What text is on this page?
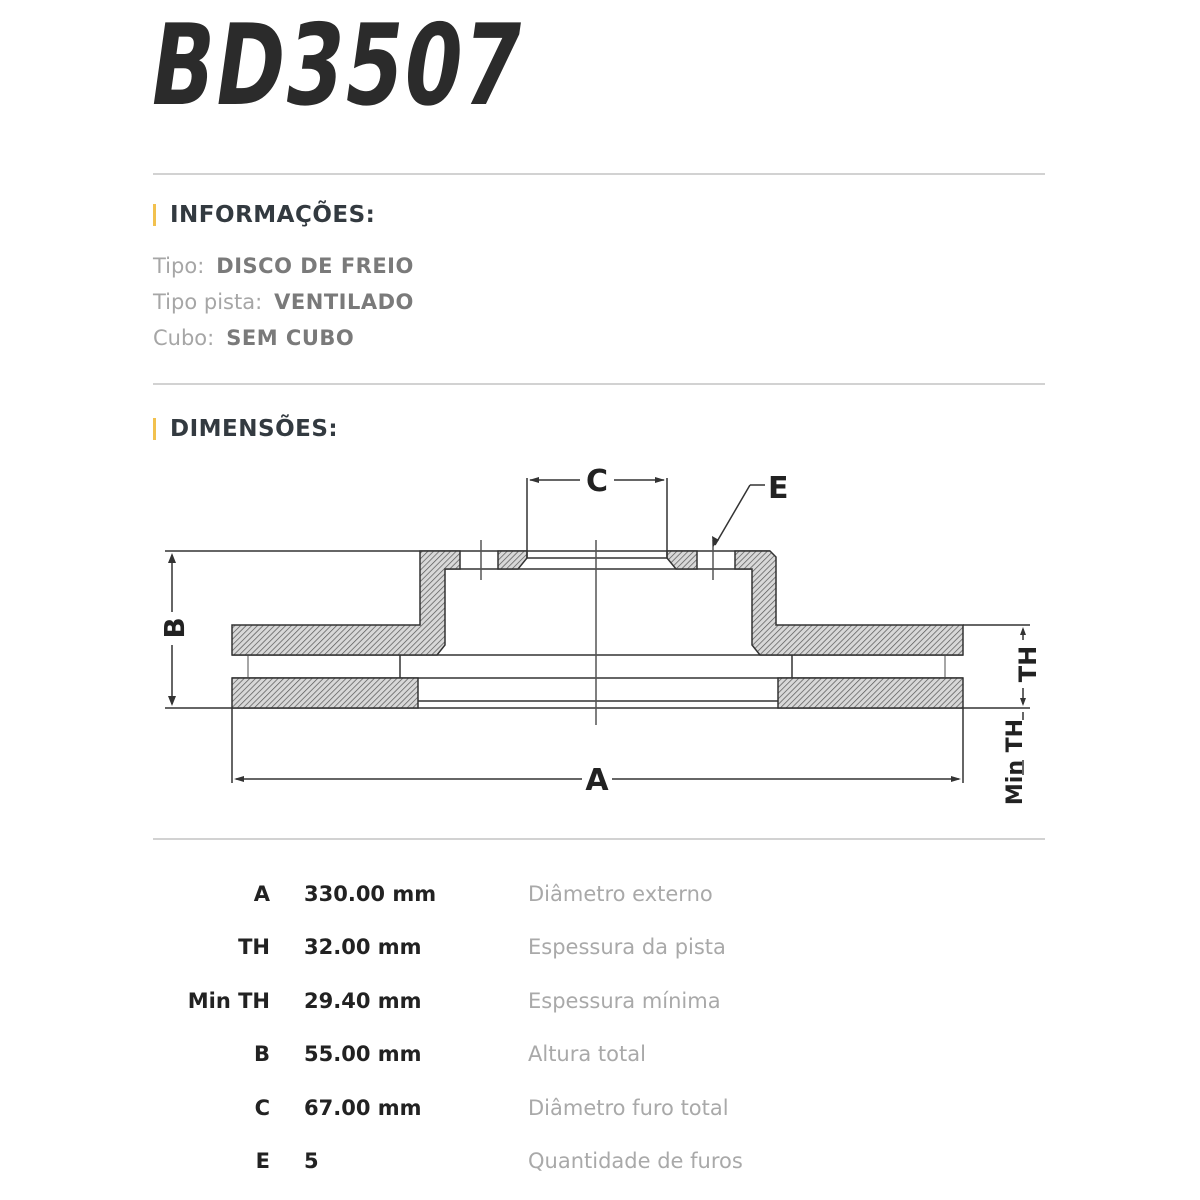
BD3507
INFORMAÇÕES:
Tipo: DISCO DE FREIO
Tipo pista: VENTILADO
Cubo: SEM CUBO
DIMENSÕES:
C	E
A
B
TH
Min TH
A 330.00 mm	Diâmetro externo
TH 32.00 mm	Espessura da pista
Min TH 29.40 mm	Espessura mínima
B 55.00 mm	Altura total
C 67.00 mm	Diâmetro furo total
E 5	Quantidade de furos
